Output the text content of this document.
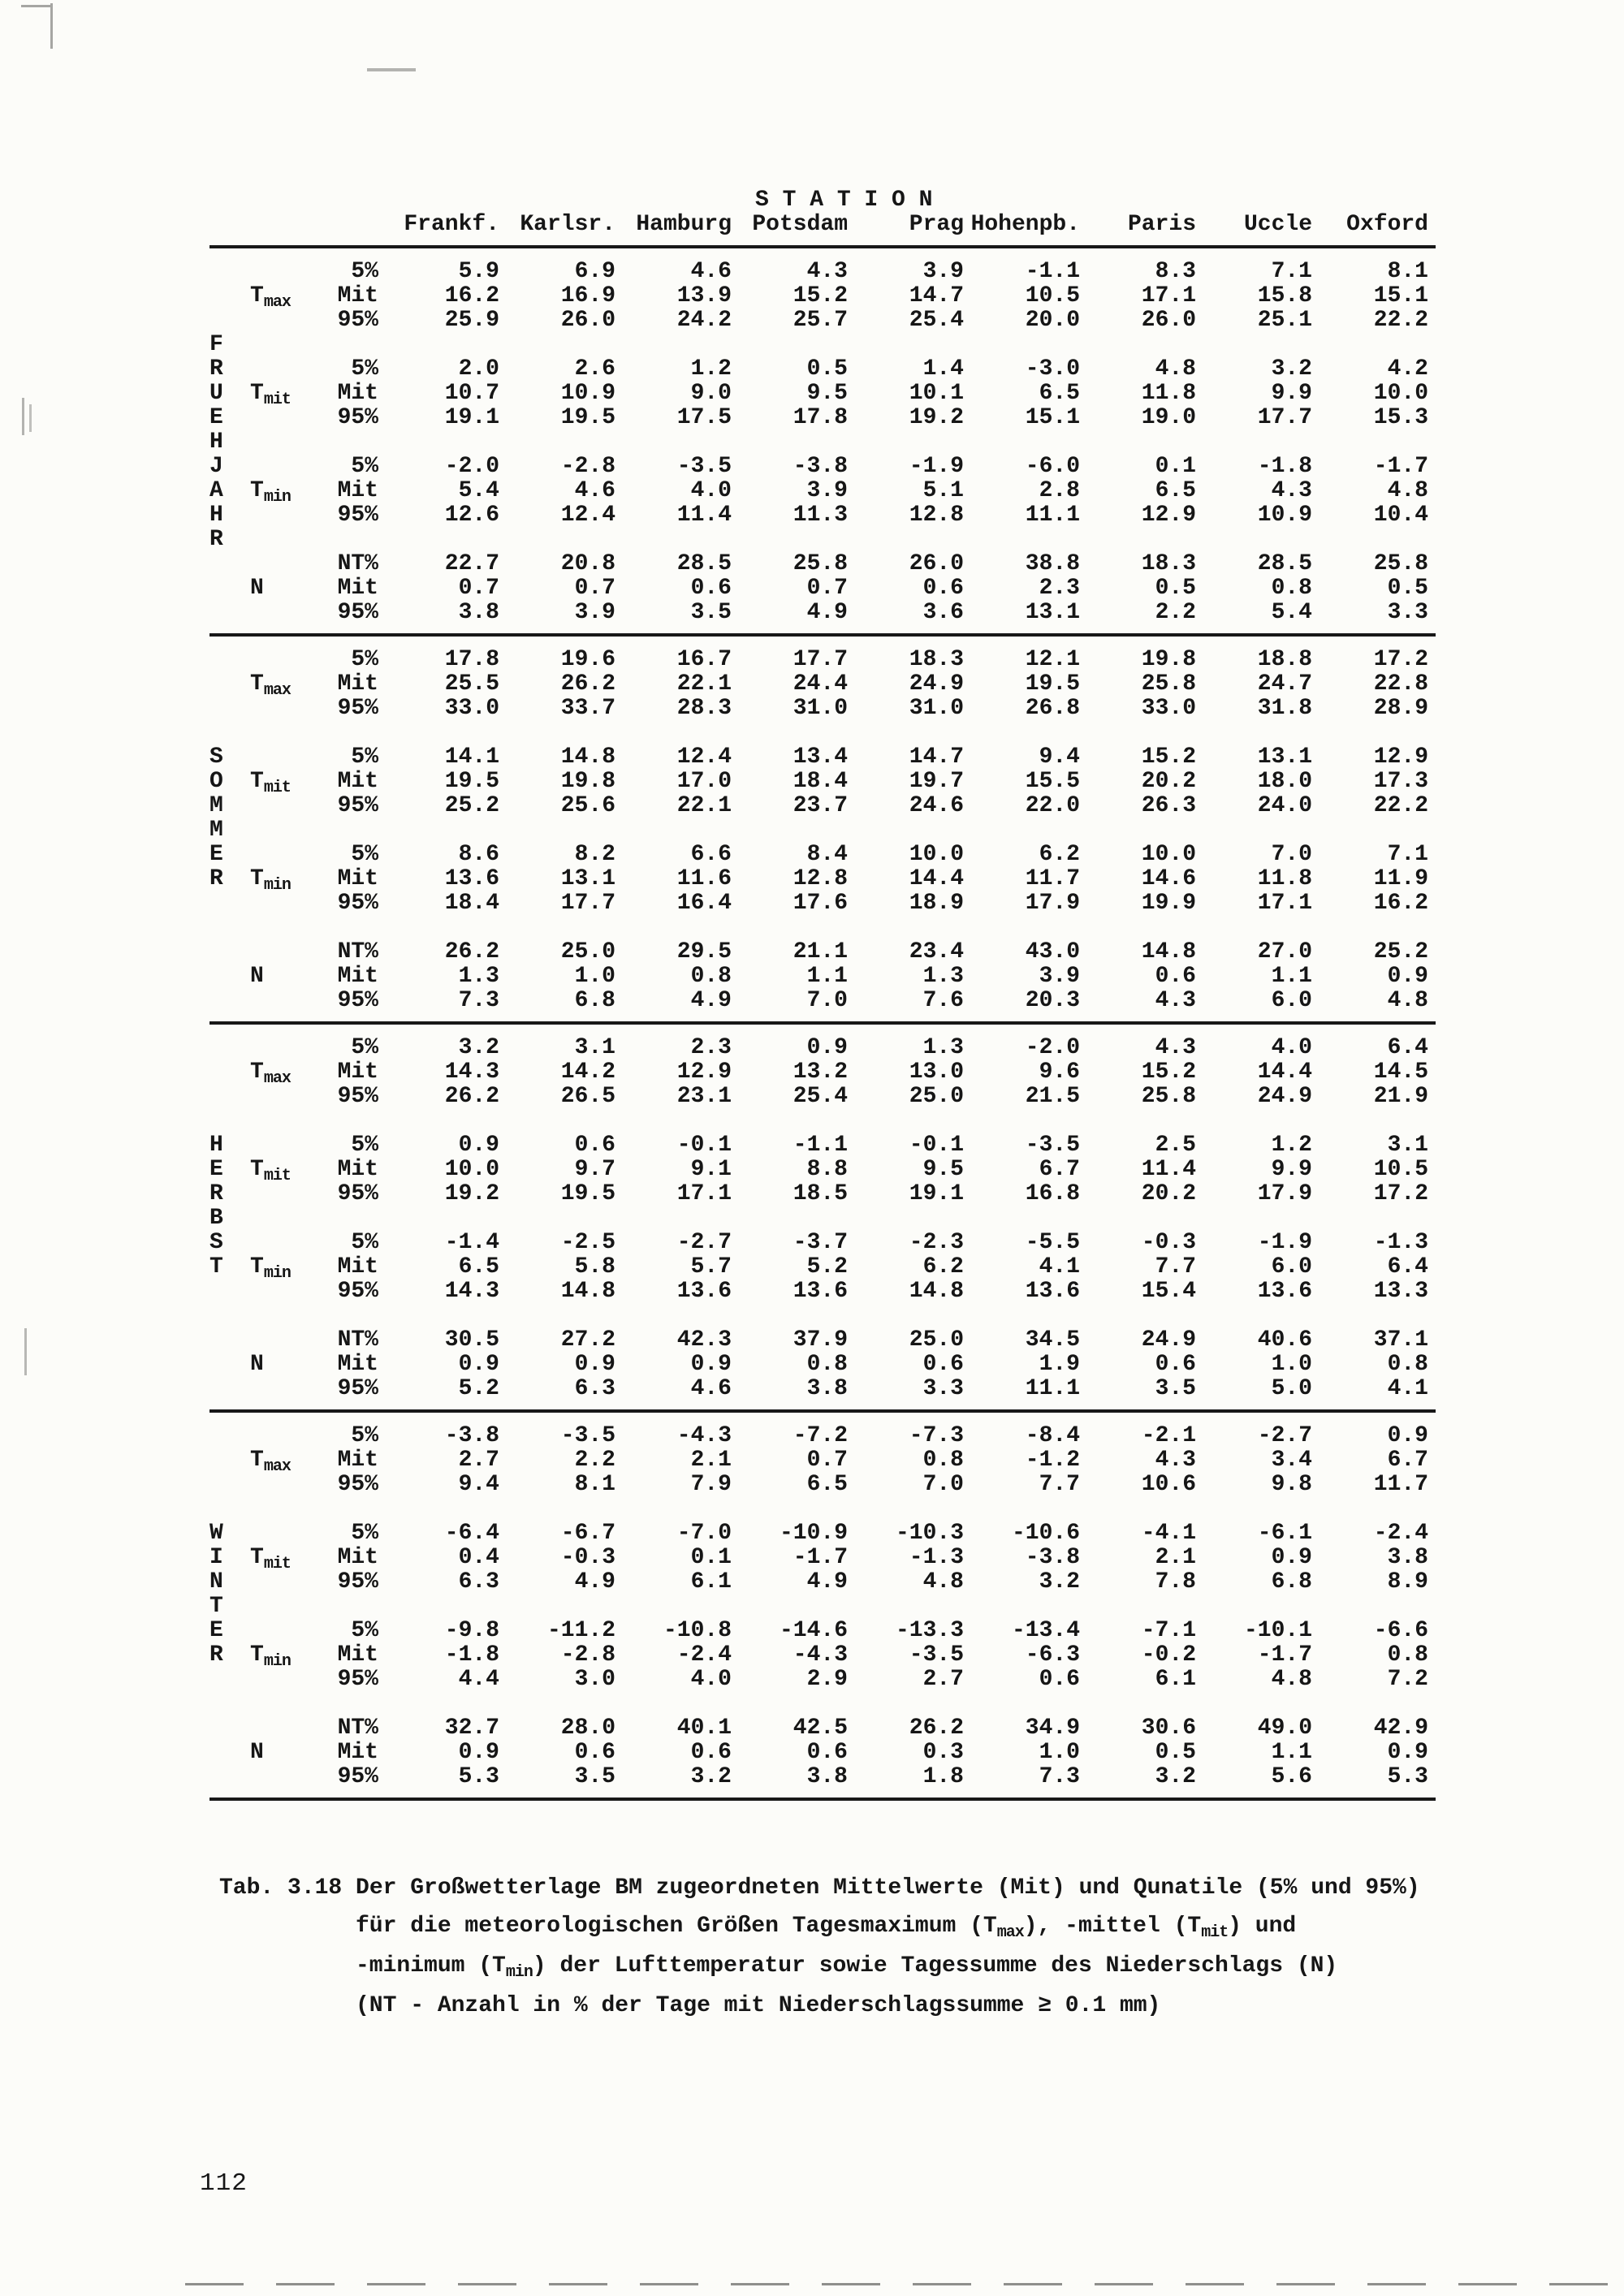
S T A T I O N
Frankf. Karlsr. Hamburg Potsdam	Prag Hohenpb.	Paris	Uccle	Oxford
5%	5.9	6.9	4.6	4.3	3.9	-1.1	8.3	7.1	8.1
$T_{max}$	Mit	16.2	16.9	13.9	15.2	14.7	10.5	17.1	15.8	15.1
95%	25.9	26.0	24.2	25.7	25.4	20.0	26.0	25.1	22.2
F
R	5%	2.0	2.6	1.2	0.5	1.4	-3.0	4.8	3.2	4.2
U	$T_{mit}$	Mit	10.7	10.9	9.0	9.5	10.1	6.5	11.8	9.9	10.0
E	95%	19.1	19.5	17.5	17.8	19.2	15.1	19.0	17.7	15.3
H
J	5%	-2.0	-2.8	-3.5	-3.8	-1.9	-6.0	0.1	-1.8	-1.7
A	$T_{min}$	Mit	5.4	4.6	4.0	3.9	5.1	2.8	6.5	4.3	4.8
H	95%	12.6	12.4	11.4	11.3	12.8	11.1	12.9	10.9	10.4
R
NT%	22.7	20.8	28.5	25.8	26.0	38.8	18.3	28.5	25.8
N	Mit	0.7	0.7	0.6	0.7	0.6	2.3	0.5	0.8	0.5
95%	3.8	3.9	3.5	4.9	3.6	13.1	2.2	5.4	3.3
5%	17.8	19.6	16.7	17.7	18.3	12.1	19.8	18.8	17.2
$T_{max}$	Mit	25.5	26.2	22.1	24.4	24.9	19.5	25.8	24.7	22.8
95%	33.0	33.7	28.3	31.0	31.0	26.8	33.0	31.8	28.9
S	5%	14.1	14.8	12.4	13.4	14.7	9.4	15.2	13.1	12.9
O	$T_{mit}$	Mit	19.5	19.8	17.0	18.4	19.7	15.5	20.2	18.0	17.3
M	95%	25.2	25.6	22.1	23.7	24.6	22.0	26.3	24.0	22.2
M
E	5%	8.6	8.2	6.6	8.4	10.0	6.2	10.0	7.0	7.1
R	$T_{min}$	Mit	13.6	13.1	11.6	12.8	14.4	11.7	14.6	11.8	11.9
95%	18.4	17.7	16.4	17.6	18.9	17.9	19.9	17.1	16.2
NT%	26.2	25.0	29.5	21.1	23.4	43.0	14.8	27.0	25.2
N	Mit	1.3	1.0	0.8	1.1	1.3	3.9	0.6	1.1	0.9
95%	7.3	6.8	4.9	7.0	7.6	20.3	4.3	6.0	4.8
5%	3.2	3.1	2.3	0.9	1.3	-2.0	4.3	4.0	6.4
$T_{max}$	Mit	14.3	14.2	12.9	13.2	13.0	9.6	15.2	14.4	14.5
95%	26.2	26.5	23.1	25.4	25.0	21.5	25.8	24.9	21.9
H	5%	0.9	0.6	-0.1	-1.1	-0.1	-3.5	2.5	1.2	3.1
E	$T_{mit}$	Mit	10.0	9.7	9.1	8.8	9.5	6.7	11.4	9.9	10.5
R	95%	19.2	19.5	17.1	18.5	19.1	16.8	20.2	17.9	17.2
B
S	5%	-1.4	-2.5	-2.7	-3.7	-2.3	-5.5	-0.3	-1.9	-1.3
T	$T_{min}$	Mit	6.5	5.8	5.7	5.2	6.2	4.1	7.7	6.0	6.4
95%	14.3	14.8	13.6	13.6	14.8	13.6	15.4	13.6	13.3
NT%	30.5	27.2	42.3	37.9	25.0	34.5	24.9	40.6	37.1
N	Mit	0.9	0.9	0.9	0.8	0.6	1.9	0.6	1.0	0.8
95%	5.2	6.3	4.6	3.8	3.3	11.1	3.5	5.0	4.1
5%	-3.8	-3.5	-4.3	-7.2	-7.3	-8.4	-2.1	-2.7	0.9
$T_{max}$	Mit	2.7	2.2	2.1	0.7	0.8	-1.2	4.3	3.4	6.7
95%	9.4	8.1	7.9	6.5	7.0	7.7	10.6	9.8	11.7
W	5%	-6.4	-6.7	-7.0	-10.9	-10.3	-10.6	-4.1	-6.1	-2.4
I	$T_{mit}$	Mit	0.4	-0.3	0.1	-1.7	-1.3	-3.8	2.1	0.9	3.8
N	95%	6.3	4.9	6.1	4.9	4.8	3.2	7.8	6.8	8.9
T
E	5%	-9.8	-11.2	-10.8	-14.6	-13.3	-13.4	-7.1	-10.1	-6.6
R	$T_{min}$	Mit	-1.8	-2.8	-2.4	-4.3	-3.5	-6.3	-0.2	-1.7	0.8
95%	4.4	3.0	4.0	2.9	2.7	0.6	6.1	4.8	7.2
NT%	32.7	28.0	40.1	42.5	26.2	34.9	30.6	49.0	42.9
N	Mit	0.9	0.6	0.6	0.6	0.3	1.0	0.5	1.1	0.9
95%	5.3	3.5	3.2	3.8	1.8	7.3	3.2	5.6	5.3
Tab. 3.18 Der Großwetterlage BM zugeordneten Mittelwerte (Mit) und Qunatile (5% und 95%)
für die meteorologischen Größen Tagesmaximum $(T_{max})$, -mittel $(T_{mit})$ und
-minimum $(T_{min})$ der Lufttemperatur sowie Tagessumme des Niederschlags (N)
(NT - Anzahl in % der Tage mit Niederschlagssumme ≥ 0.1 mm)
112
